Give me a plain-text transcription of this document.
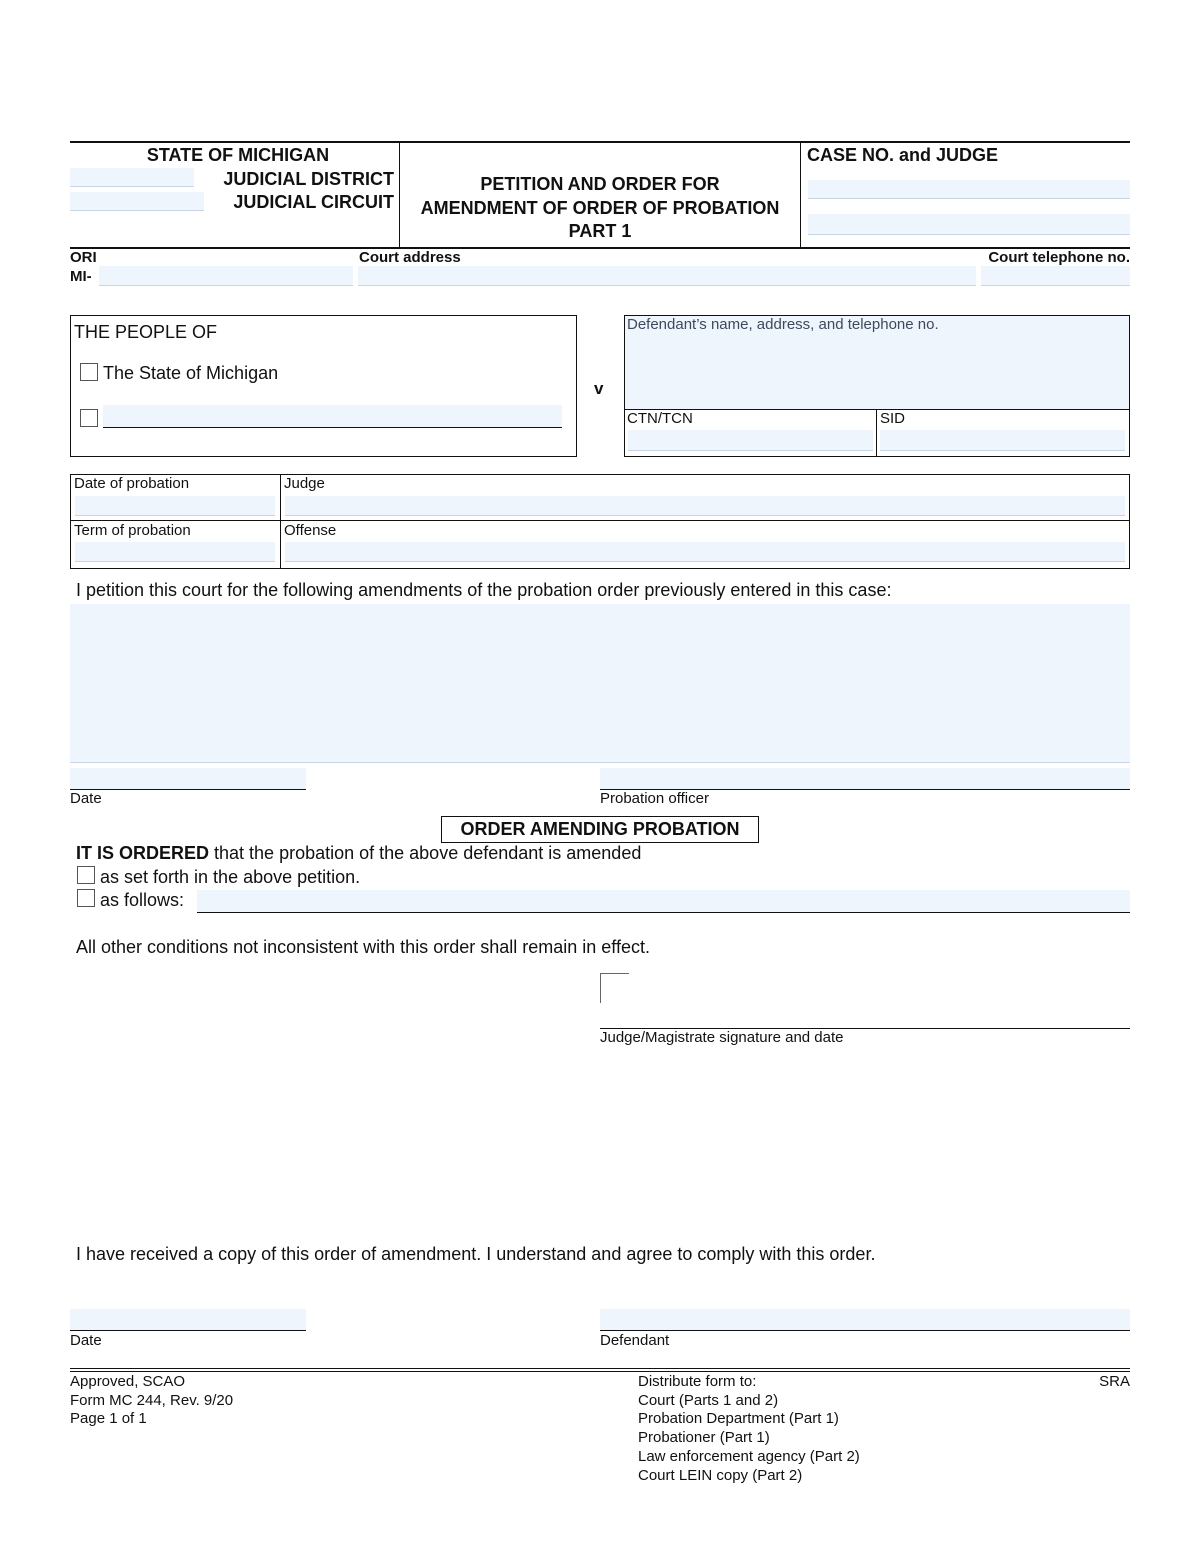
STATE OF MICHIGAN
JUDICIAL DISTRICT
JUDICIAL CIRCUIT
PETITION AND ORDER FOR
AMENDMENT OF ORDER OF PROBATION
PART 1
CASE NO. and JUDGE
ORI
MI-
Court address	Court telephone no.
THE PEOPLE OF
The State of Michigan
v
Defendant’s name, address, and telephone no.
CTN/TCN	SID
Date of probation	Judge
Term of probation	Offense
I petition this court for the following amendments of the probation order previously entered in this case:
Date	Probation officer
ORDER AMENDING PROBATION
IT IS ORDERED that the probation of the above defendant is amended
as set forth in the above petition.
as follows:
All other conditions not inconsistent with this order shall remain in effect.
Judge/Magistrate signature and date
I have received a copy of this order of amendment. I understand and agree to comply with this order.
Date	Defendant
Approved, SCAO
Form MC 244, Rev. 9/20
Page 1 of 1
Distribute form to:
Court (Parts 1 and 2)
Probation Department (Part 1)
Probationer (Part 1)
Law enforcement agency (Part 2)
Court LEIN copy (Part 2)
SRA
